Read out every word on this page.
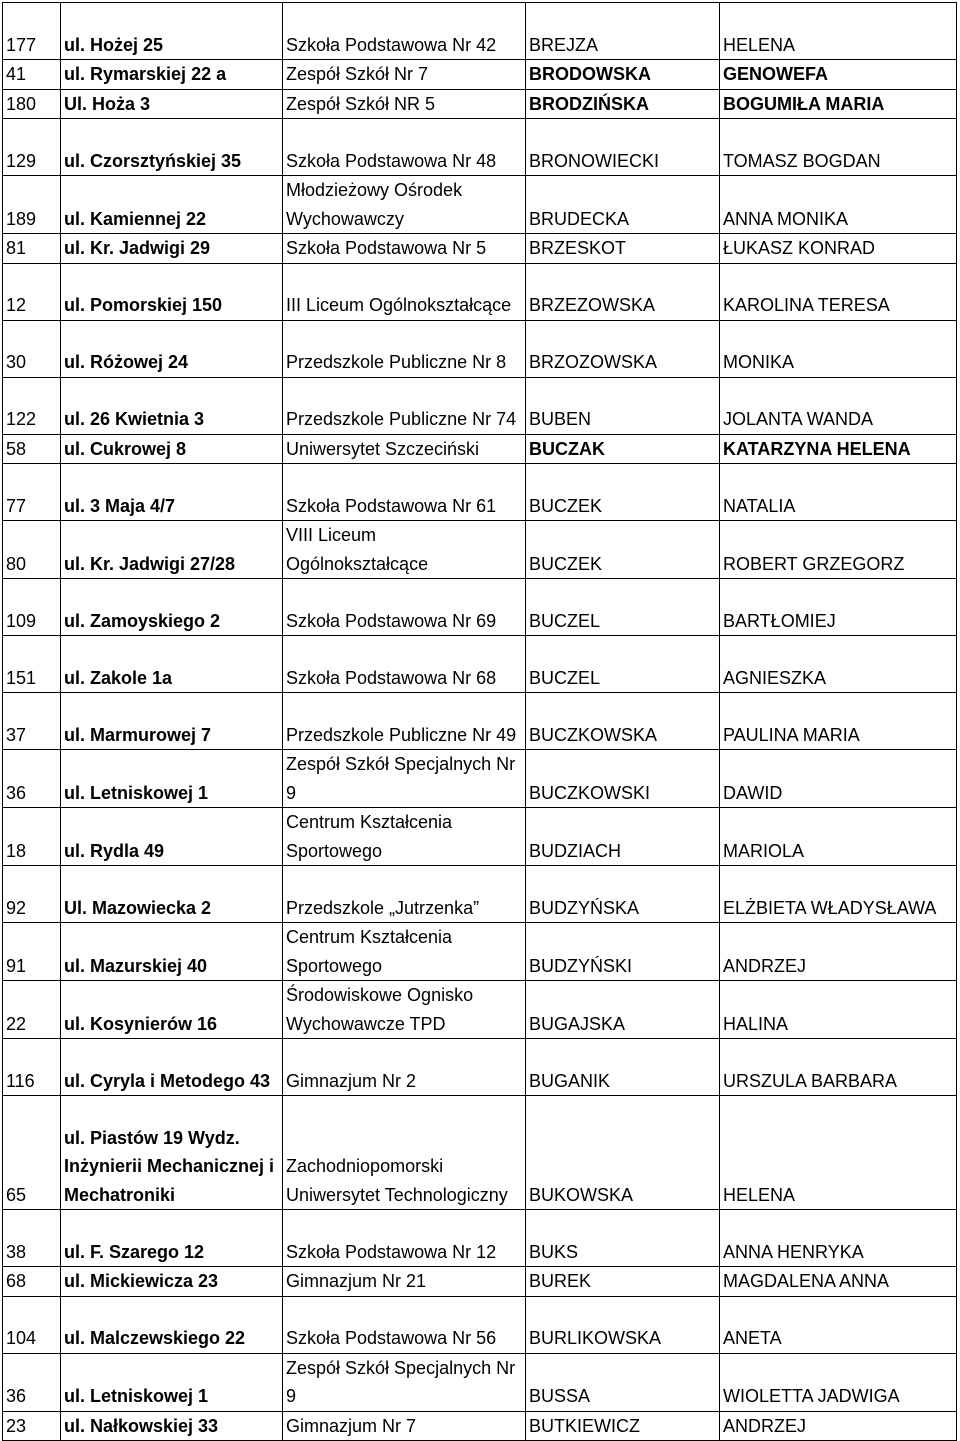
177	ul. Hożej 25	Szkoła Podstawowa Nr 42	BREJZA	HELENA
41	ul. Rymarskiej 22 a	Zespół Szkół Nr 7	BRODOWSKA	GENOWEFA
180	Ul. Hoża 3	Zespół Szkół NR 5	BRODZIŃSKA	BOGUMIŁA MARIA
129	ul. Czorsztyńskiej 35	Szkoła Podstawowa Nr 48	BRONOWIECKI	TOMASZ BOGDAN
189	ul. Kamiennej 22	Młodzieżowy Ośrodek Wychowawczy	BRUDECKA	ANNA MONIKA
81	ul. Kr. Jadwigi 29	Szkoła Podstawowa Nr 5	BRZESKOT	ŁUKASZ KONRAD
12	ul. Pomorskiej 150	III Liceum Ogólnokształcące	BRZEZOWSKA	KAROLINA TERESA
30	ul. Różowej 24	Przedszkole Publiczne Nr 8	BRZOZOWSKA	MONIKA
122	ul. 26 Kwietnia 3	Przedszkole Publiczne Nr 74	BUBEN	JOLANTA WANDA
58	ul. Cukrowej 8	Uniwersytet Szczeciński	BUCZAK	KATARZYNA HELENA
77	ul. 3 Maja 4/7	Szkoła Podstawowa Nr 61	BUCZEK	NATALIA
80	ul. Kr. Jadwigi 27/28	VIII Liceum Ogólnokształcące	BUCZEK	ROBERT GRZEGORZ
109	ul. Zamoyskiego 2	Szkoła Podstawowa Nr 69	BUCZEL	BARTŁOMIEJ
151	ul. Zakole 1a	Szkoła Podstawowa Nr 68	BUCZEL	AGNIESZKA
37	ul. Marmurowej 7	Przedszkole Publiczne Nr 49	BUCZKOWSKA	PAULINA MARIA
36	ul. Letniskowej 1	Zespół Szkół Specjalnych Nr 9	BUCZKOWSKI	DAWID
18	ul. Rydla 49	Centrum Kształcenia Sportowego	BUDZIACH	MARIOLA
92	Ul. Mazowiecka 2	Przedszkole „Jutrzenka”	BUDZYŃSKA	ELŻBIETA WŁADYSŁAWA
91	ul. Mazurskiej 40	Centrum Kształcenia Sportowego	BUDZYŃSKI	ANDRZEJ
22	ul. Kosynierów 16	Środowiskowe Ognisko Wychowawcze TPD	BUGAJSKA	HALINA
116	ul. Cyryla i Metodego 43	Gimnazjum Nr 2	BUGANIK	URSZULA BARBARA
65	ul. Piastów 19 Wydz. Inżynierii Mechanicznej i Mechatroniki	Zachodniopomorski Uniwersytet Technologiczny	BUKOWSKA	HELENA
38	ul. F. Szarego 12	Szkoła Podstawowa Nr 12	BUKS	ANNA HENRYKA
68	ul. Mickiewicza 23	Gimnazjum Nr 21	BUREK	MAGDALENA ANNA
104	ul. Malczewskiego 22	Szkoła Podstawowa Nr 56	BURLIKOWSKA	ANETA
36	ul. Letniskowej 1	Zespół Szkół Specjalnych Nr 9	BUSSA	WIOLETTA JADWIGA
23	ul. Nałkowskiej 33	Gimnazjum Nr 7	BUTKIEWICZ	ANDRZEJ
